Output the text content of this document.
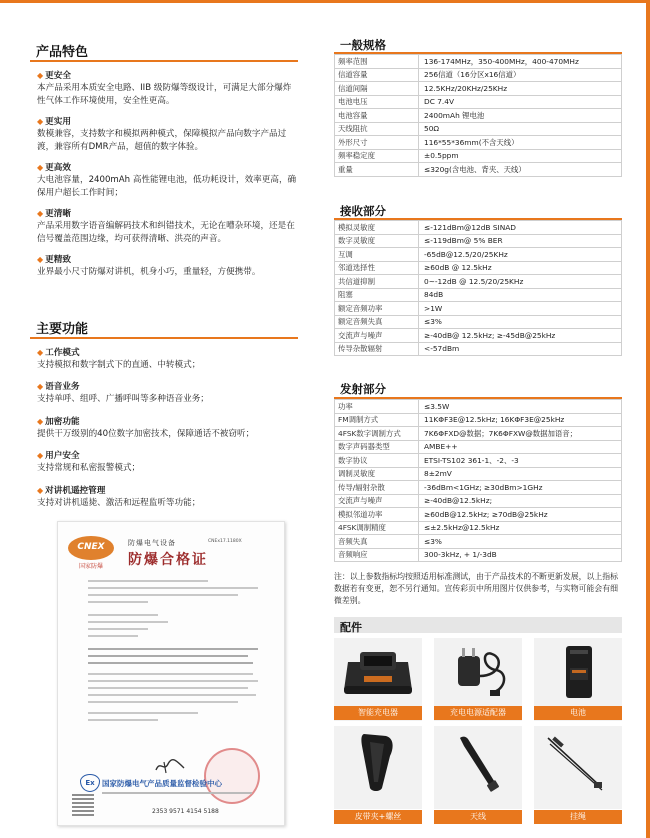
产品特色
◆ 更安全
本产品采用本质安全电路、IIB 级防爆等级设计，可满足大部分爆炸性气体工作环境使用，安全性更高。
◆ 更实用
数模兼容，支持数字和模拟两种模式，保障模拟产品向数字产品过渡，兼容所有DMR产品，超值的数字体验。
◆ 更高效
大电池容量，2400mAh 高性能锂电池，低功耗设计，效率更高，确保用户超长工作时间；
◆ 更清晰
产品采用数字语音编解码技术和纠错技术，无论在嘈杂环境，还是在信号覆盖范围边缘，均可获得清晰、洪亮的声音。
◆ 更精致
业界最小尺寸防爆对讲机，机身小巧，重量轻，方便携带。
主要功能
◆ 工作模式
支持模拟和数字制式下的直通、中转模式；
◆ 语音业务
支持单呼、组呼、广播呼叫等多种语音业务；
◆ 加密功能
提供干万级别的40位数字加密技术，保障通话不被窃听；
◆ 用户安全
支持常规和私密报警模式；
◆ 对讲机遥控管理
支持对讲机遥毙、激活和远程监听等功能；
CNEX
国家防爆
防爆电气设备
防爆合格证
CNEx17.1180X
Ex 国家防爆电气产品质量监督检验中心
2353 9571 4154 5188
一般规格
频率范围	136-174MHz，350-400MHz，400-470MHz
信道容量	256信道（16分区x16信道）
信道间隔	12.5KHz/20KHz/25KHz
电池电压	DC 7.4V
电池容量	2400mAh 锂电池
天线阻抗	50Ω
外形尺寸	116*55*36mm(不含天线）
频率稳定度	±0.5ppm
重量	≤320g(含电池、背夹、天线）
接收部分
模拟灵敏度	≤-121dBm@12dB SINAD
数字灵敏度	≤-119dBm@ 5% BER
互调	-65dB@12.5/20/25KHz
邻道选择性	≥60dB @ 12.5kHz
共信道抑制	0~-12dB @ 12.5/20/25KHz
阻塞	84dB
额定音频功率	>1W
额定音频失真	≤3%
交流声与噪声	≥-40dB@ 12.5kHz; ≥-45dB@25kHz
传导杂散辐射	<-57dBm
发射部分
功率	≤3.5W
FM调制方式	11KΦF3E@12.5kHz; 16KΦF3E@25kHz
4FSK数字调制方式	7K6ΦFXD@数据；7K6ΦFXW@数据加语音；
数字声码器类型	AMBE++
数字协议	ETSI-TS102 361-1、-2、-3
调制灵敏度	8±2mV
传导/辐射杂散	-36dBm<1GHz; ≥30dBm>1GHz
交流声与噪声	≥-40dB@12.5kHz;
模拟邻道功率	≥60dB@12.5kHz; ≥70dB@25kHz
4FSK调制精度	≤±2.5kHz@12.5kHz
音频失真	≤3%
音频响应	300-3kHz, + 1/-3dB
注：以上参数指标均按照适用标准测试，由于产品技术的不断更新发展，以上指标数据若有变更，恕不另行通知。宣传彩页中所用图片仅供参考，与实物可能会有细微差别。
配件
智能充电器	充电电源适配器	电池
皮带夹+螺丝	天线	挂绳
